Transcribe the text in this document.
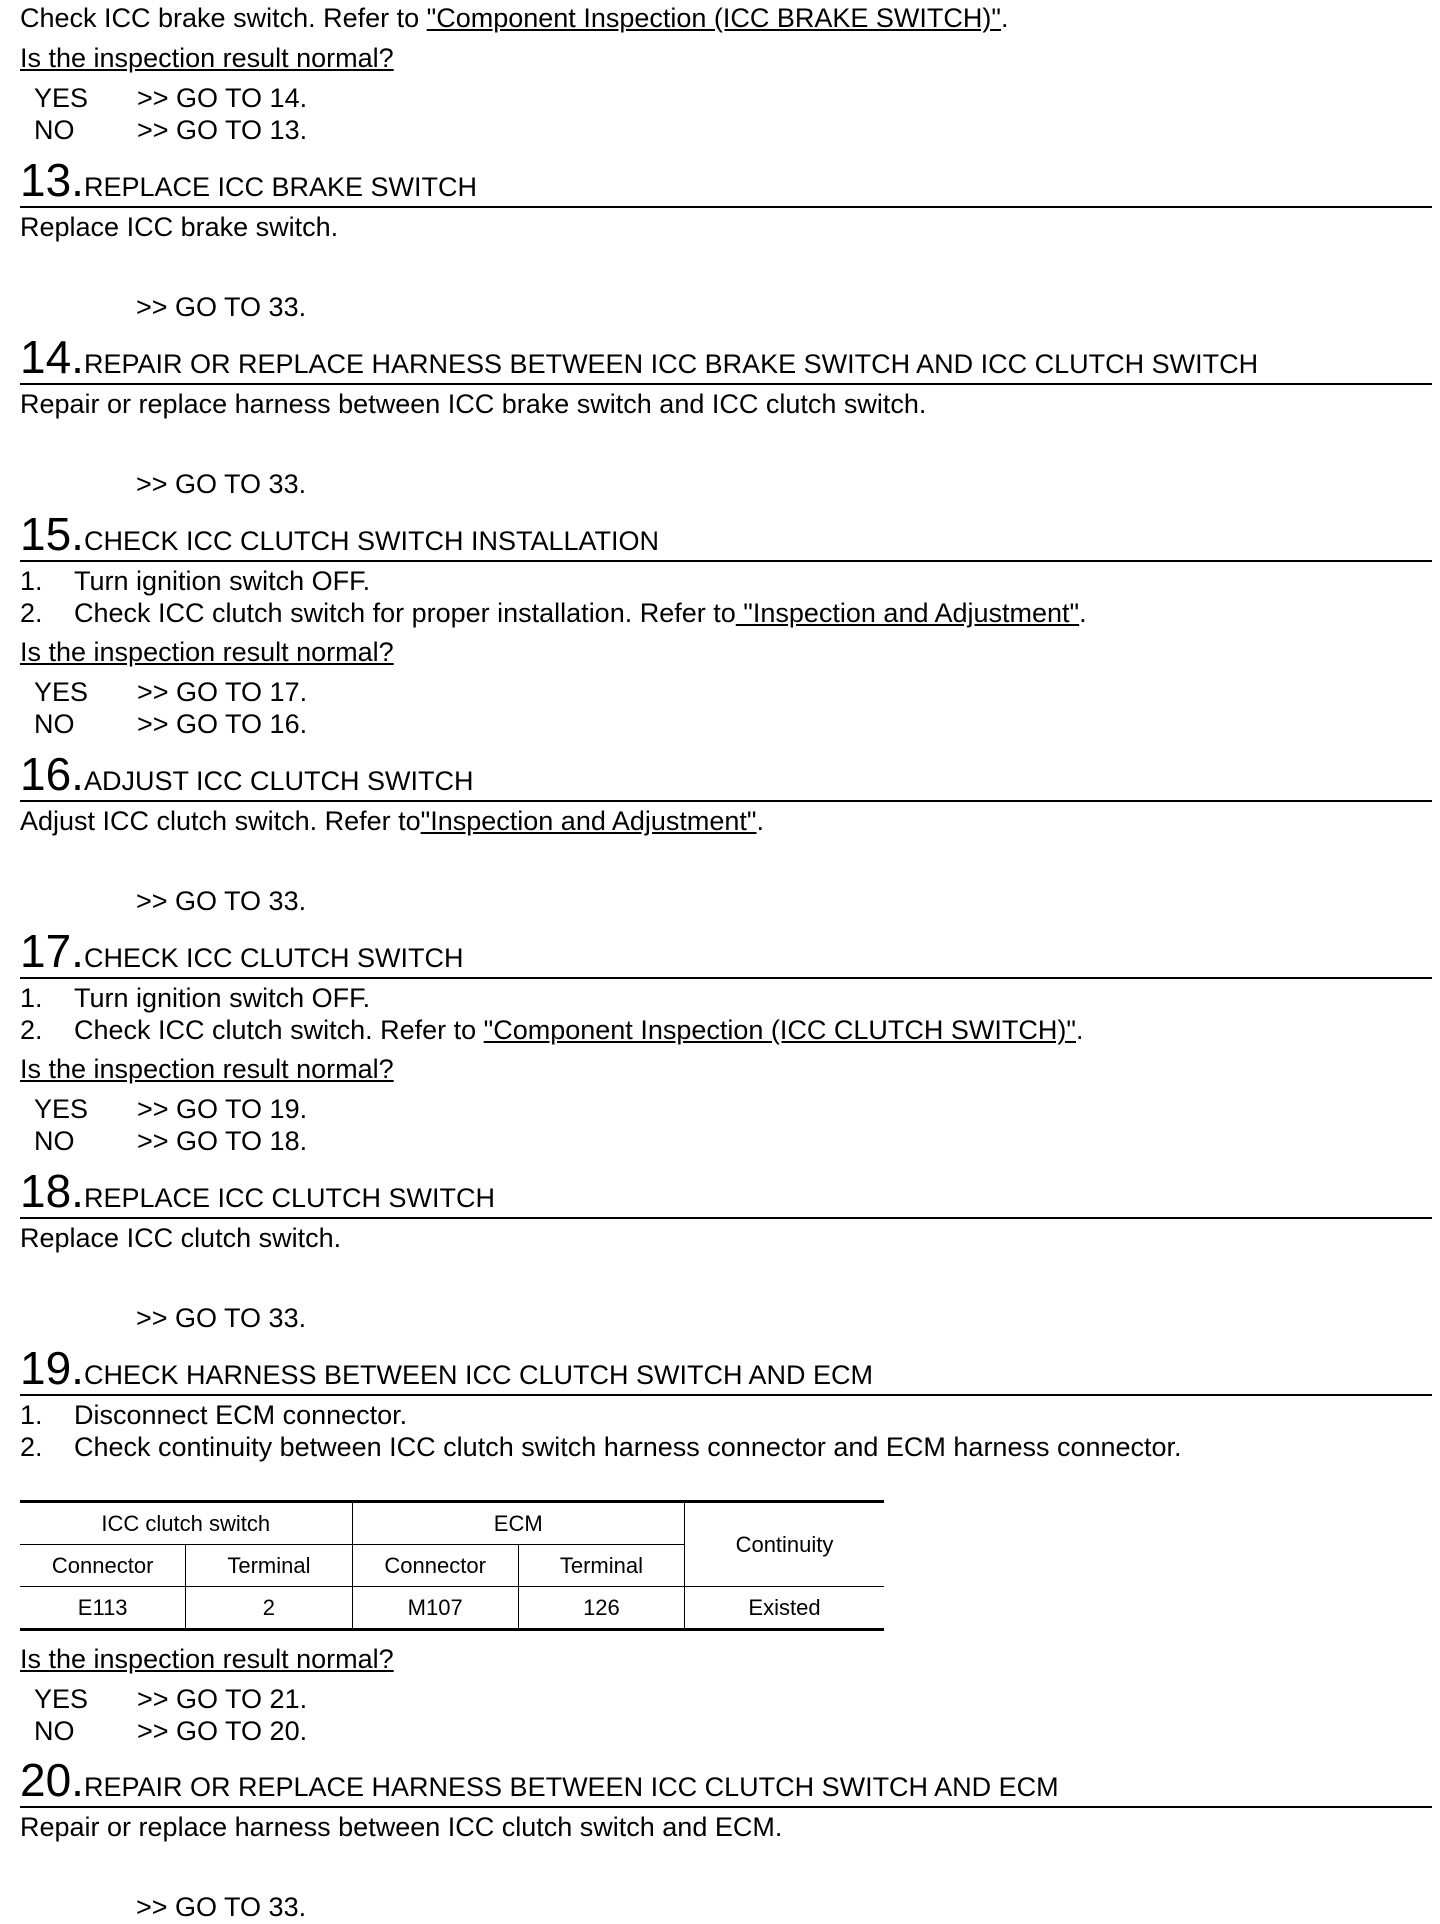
Check ICC brake switch. Refer to "Component Inspection (ICC BRAKE SWITCH)".
Is the inspection result normal?
YES >> GO TO 14.
NO >> GO TO 13.
13.REPLACE ICC BRAKE SWITCH
Replace ICC brake switch.
>> GO TO 33.
14.REPAIR OR REPLACE HARNESS BETWEEN ICC BRAKE SWITCH AND ICC CLUTCH SWITCH
Repair or replace harness between ICC brake switch and ICC clutch switch.
>> GO TO 33.
15.CHECK ICC CLUTCH SWITCH INSTALLATION
1. Turn ignition switch OFF.
2. Check ICC clutch switch for proper installation. Refer to "Inspection and Adjustment".
Is the inspection result normal?
YES >> GO TO 17.
NO >> GO TO 16.
16.ADJUST ICC CLUTCH SWITCH
Adjust ICC clutch switch. Refer to"Inspection and Adjustment".
>> GO TO 33.
17.CHECK ICC CLUTCH SWITCH
1. Turn ignition switch OFF.
2. Check ICC clutch switch. Refer to "Component Inspection (ICC CLUTCH SWITCH)".
Is the inspection result normal?
YES >> GO TO 19.
NO >> GO TO 18.
18.REPLACE ICC CLUTCH SWITCH
Replace ICC clutch switch.
>> GO TO 33.
19.CHECK HARNESS BETWEEN ICC CLUTCH SWITCH AND ECM
1. Disconnect ECM connector.
2. Check continuity between ICC clutch switch harness connector and ECM harness connector.
ICC clutch switch		ECM		Continuity
Connector	Terminal	Connector	Terminal	
E113	2	M107	126	Existed
Is the inspection result normal?
YES >> GO TO 21.
NO >> GO TO 20.
20.REPAIR OR REPLACE HARNESS BETWEEN ICC CLUTCH SWITCH AND ECM
Repair or replace harness between ICC clutch switch and ECM.
>> GO TO 33.
